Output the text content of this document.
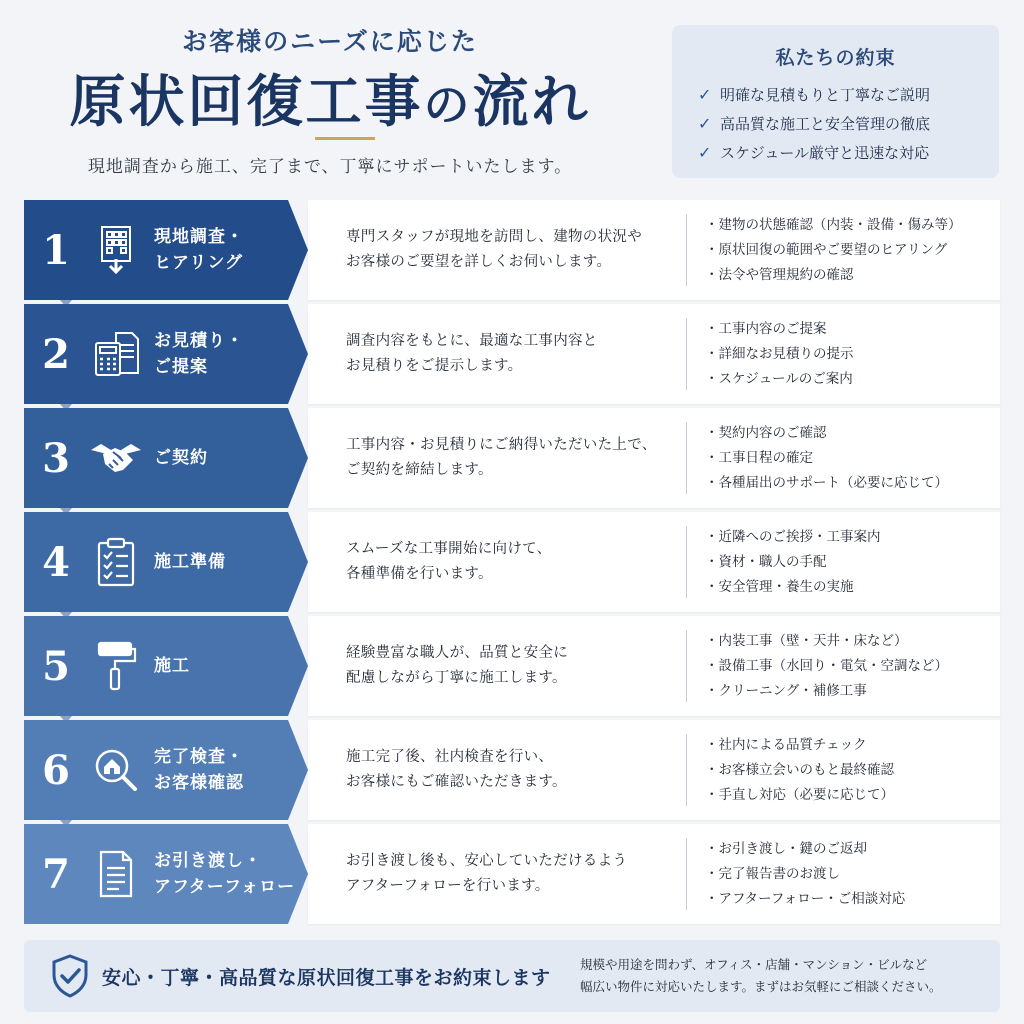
お客様のニーズに応じた
原状回復工事の流れ
現地調査から施工、完了まで、丁寧にサポートいたします。
私たちの約束
✓ 明確な見積もりと丁寧なご説明
✓ 高品質な施工と安全管理の徹底
✓ スケジュール厳守と迅速な対応
1	現地調査・
ヒアリング
専門スタッフが現地を訪問し、建物の状況や
お客様のご要望を詳しくお伺いします。
・ 建物の状態確認（内装・設備・傷み等）
・ 原状回復の範囲やご要望のヒアリング
・ 法令や管理規約の確認
2	お見積り・
ご提案
調査内容をもとに、最適な工事内容と
お見積りをご提示します。
・ 工事内容のご提案
・ 詳細なお見積りの提示
・ スケジュールのご案内
3	ご契約
工事内容・お見積りにご納得いただいた上で、
ご契約を締結します。
・ 契約内容のご確認
・ 工事日程の確定
・ 各種届出のサポート（必要に応じて）
4	施工準備
スムーズな工事開始に向けて、
各種準備を行います。
・ 近隣へのご挨拶・工事案内
・ 資材・職人の手配
・ 安全管理・養生の実施
5	施工
経験豊富な職人が、品質と安全に
配慮しながら丁寧に施工します。
・ 内装工事（壁・天井・床など）
・ 設備工事（水回り・電気・空調など）
・ クリーニング・補修工事
6	完了検査・
お客様確認
施工完了後、社内検査を行い、
お客様にもご確認いただきます。
・ 社内による品質チェック
・ お客様立会いのもと最終確認
・ 手直し対応（必要に応じて）
7	お引き渡し・
アフターフォロー
お引き渡し後も、安心していただけるよう
アフターフォローを行います。
・ お引き渡し・鍵のご返却
・ 完了報告書のお渡し
・ アフターフォロー・ご相談対応
安心・丁寧・高品質な原状回復工事をお約束します
規模や用途を問わず、オフィス・店舗・マンション・ビルなど
幅広い物件に対応いたします。まずはお気軽にご相談ください。
